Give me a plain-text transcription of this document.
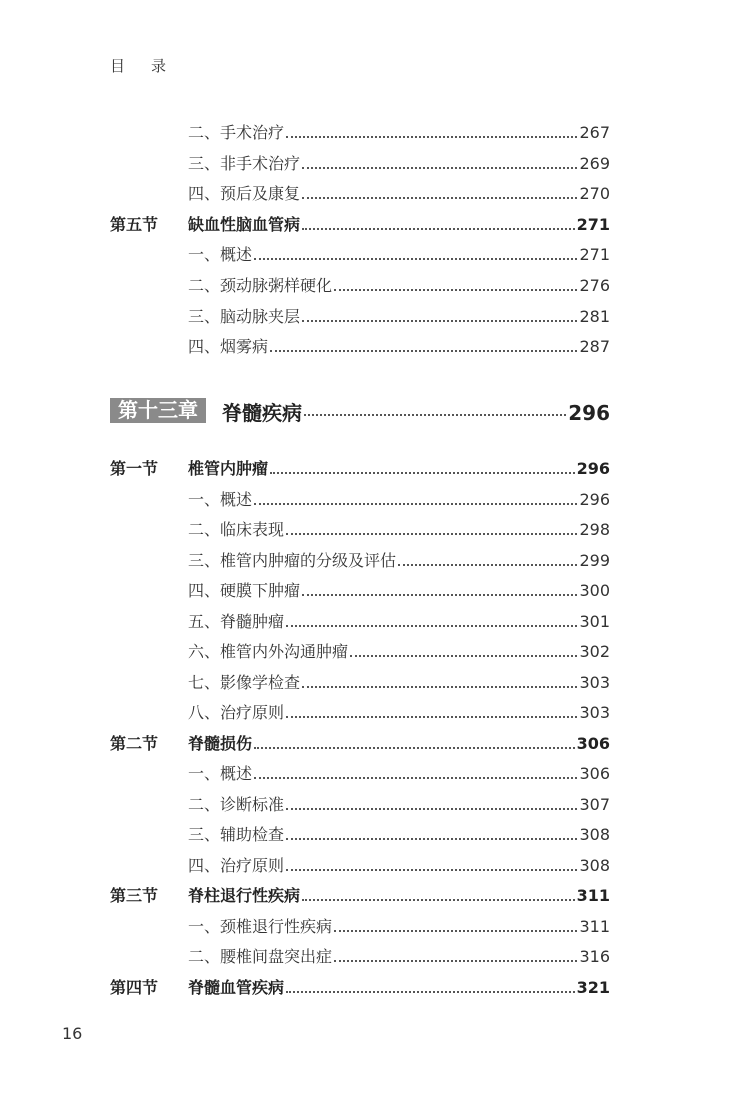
目 录
二、手术治疗	267
三、非手术治疗	269
四、预后及康复	270
第五节	缺血性脑血管病	271
一、概述	271
二、颈动脉粥样硬化	276
三、脑动脉夹层	281
四、烟雾病	287
第十三章	脊髓疾病	296
第一节	椎管内肿瘤	296
一、概述	296
二、临床表现	298
三、椎管内肿瘤的分级及评估	299
四、硬膜下肿瘤	300
五、脊髓肿瘤	301
六、椎管内外沟通肿瘤	302
七、影像学检查	303
八、治疗原则	303
第二节	脊髓损伤	306
一、概述	306
二、诊断标准	307
三、辅助检查	308
四、治疗原则	308
第三节	脊柱退行性疾病	311
一、颈椎退行性疾病	311
二、腰椎间盘突出症	316
第四节	脊髓血管疾病	321
16
